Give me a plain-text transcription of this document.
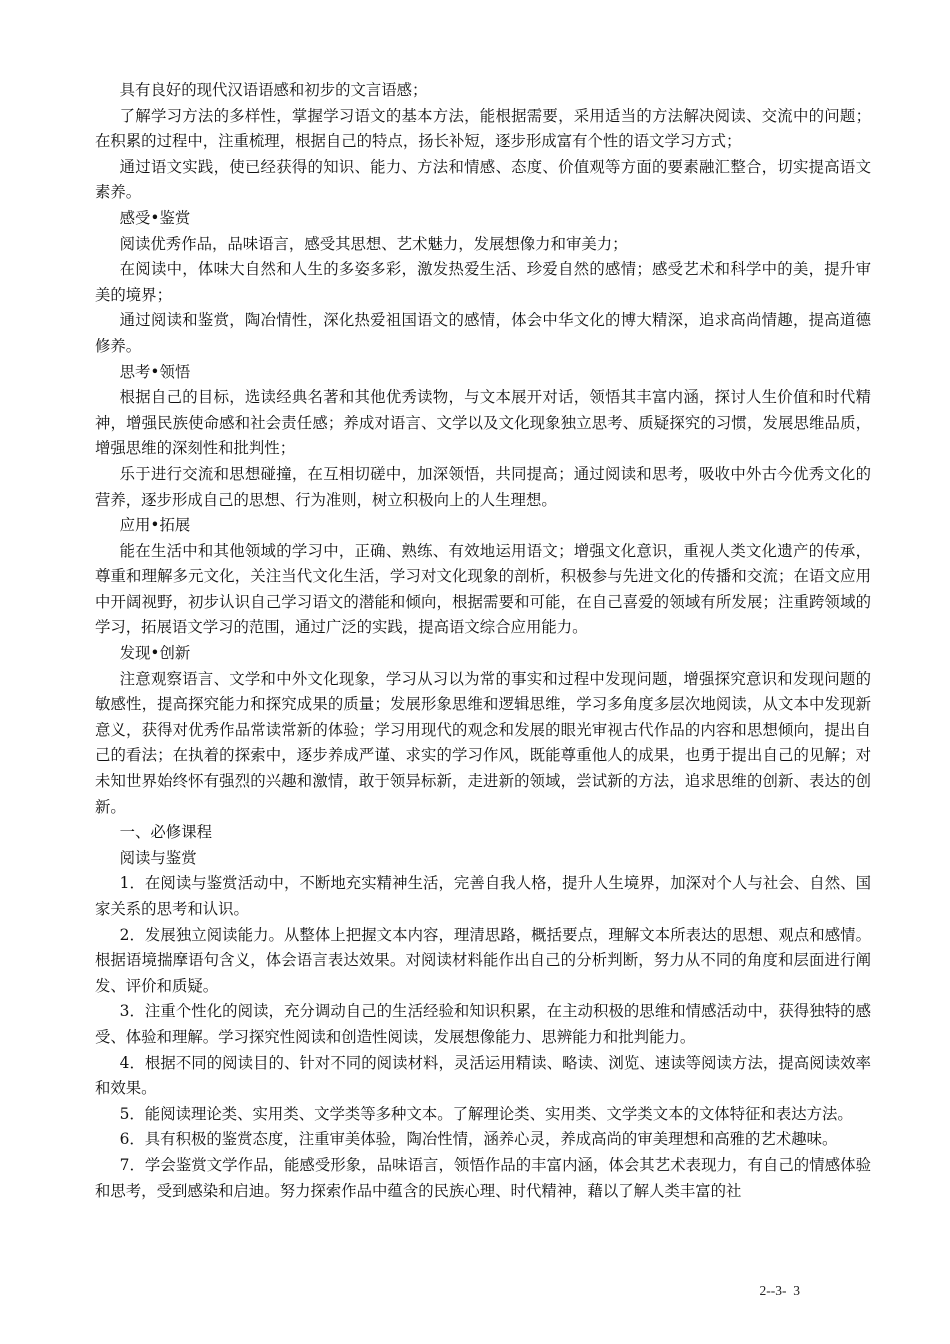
具有良好的现代汉语语感和初步的文言语感；

了解学习方法的多样性，掌握学习语文的基本方法，能根据需要，采用适当的方法解决阅读、交流中的问题；在积累的过程中，注重梳理，根据自己的特点，扬长补短，逐步形成富有个性的语文学习方式；

通过语文实践，使已经获得的知识、能力、方法和情感、态度、价值观等方面的要素融汇整合，切实提高语文素养。

感受•鉴赏

阅读优秀作品，品味语言，感受其思想、艺术魅力，发展想像力和审美力；

在阅读中，体味大自然和人生的多姿多彩，激发热爱生活、珍爱自然的感情；感受艺术和科学中的美，提升审美的境界；

通过阅读和鉴赏，陶冶情性，深化热爱祖国语文的感情，体会中华文化的博大精深，追求高尚情趣，提高道德修养。

思考•领悟

根据自己的目标，选读经典名著和其他优秀读物，与文本展开对话，领悟其丰富内涵，探讨人生价值和时代精神，增强民族使命感和社会责任感；养成对语言、文学以及文化现象独立思考、质疑探究的习惯，发展思维品质，增强思维的深刻性和批判性；

乐于进行交流和思想碰撞，在互相切磋中，加深领悟，共同提高；通过阅读和思考，吸收中外古今优秀文化的营养，逐步形成自己的思想、行为准则，树立积极向上的人生理想。

应用•拓展

能在生活中和其他领域的学习中，正确、熟练、有效地运用语文；增强文化意识，重视人类文化遗产的传承，尊重和理解多元文化，关注当代文化生活，学习对文化现象的剖析，积极参与先进文化的传播和交流；在语文应用中开阔视野，初步认识自己学习语文的潜能和倾向，根据需要和可能，在自己喜爱的领域有所发展；注重跨领域的学习，拓展语文学习的范围，通过广泛的实践，提高语文综合应用能力。

发现•创新

注意观察语言、文学和中外文化现象，学习从习以为常的事实和过程中发现问题，增强探究意识和发现问题的敏感性，提高探究能力和探究成果的质量；发展形象思维和逻辑思维，学习多角度多层次地阅读，从文本中发现新意义，获得对优秀作品常读常新的体验；学习用现代的观念和发展的眼光审视古代作品的内容和思想倾向，提出自己的看法；在执着的探索中，逐步养成严谨、求实的学习作风，既能尊重他人的成果，也勇于提出自己的见解；对未知世界始终怀有强烈的兴趣和激情，敢于领异标新，走进新的领域，尝试新的方法，追求思维的创新、表达的创新。

一、必修课程

阅读与鉴赏

1．在阅读与鉴赏活动中，不断地充实精神生活，完善自我人格，提升人生境界，加深对个人与社会、自然、国家关系的思考和认识。

2．发展独立阅读能力。从整体上把握文本内容，理清思路，概括要点，理解文本所表达的思想、观点和感情。根据语境揣摩语句含义，体会语言表达效果。对阅读材料能作出自己的分析判断，努力从不同的角度和层面进行阐发、评价和质疑。

3．注重个性化的阅读，充分调动自己的生活经验和知识积累，在主动积极的思维和情感活动中，获得独特的感受、体验和理解。学习探究性阅读和创造性阅读，发展想像能力、思辨能力和批判能力。

4．根据不同的阅读目的、针对不同的阅读材料，灵活运用精读、略读、浏览、速读等阅读方法，提高阅读效率和效果。

5．能阅读理论类、实用类、文学类等多种文本。了解理论类、实用类、文学类文本的文体特征和表达方法。

6．具有积极的鉴赏态度，注重审美体验，陶冶性情，涵养心灵，养成高尚的审美理想和高雅的艺术趣味。

7．学会鉴赏文学作品，能感受形象，品味语言，领悟作品的丰富内涵，体会其艺术表现力，有自己的情感体验和思考，受到感染和启迪。努力探索作品中蕴含的民族心理、时代精神，藉以了解人类丰富的社

2--3-  3
